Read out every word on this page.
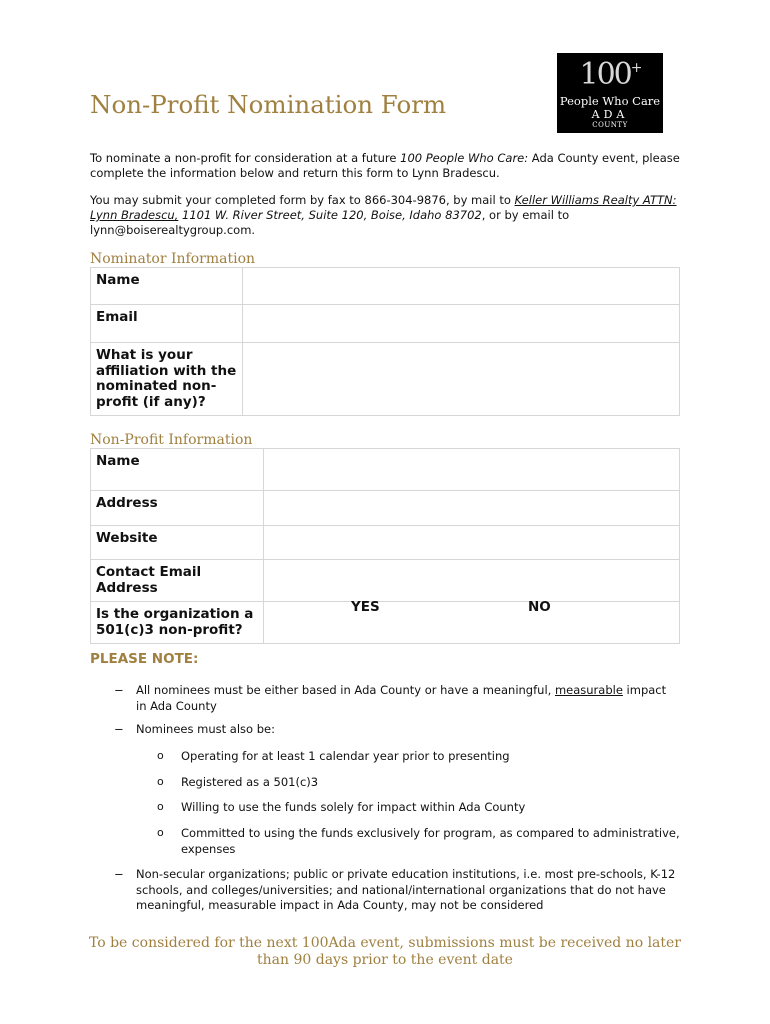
100+
People Who Care
ADA
COUNTY
Non-Profit Nomination Form

To nominate a non-profit for consideration at a future 100 People Who Care: Ada County event, please complete the information below and return this form to Lynn Bradescu.

You may submit your completed form by fax to 866-304-9876, by mail to Keller Williams Realty ATTN: Lynn Bradescu, 1101 W. River Street, Suite 120, Boise, Idaho 83702, or by email to lynn@boiserealtygroup.com.

Nominator Information
Name	
Email	
What is your affiliation with the nominated non-profit (if any)?	
Non-Profit Information
Name	
Address	
Website	
Contact Email Address	
Is the organization a 501(c)3 non-profit?	
YES	NO
PLEASE NOTE:
− All nominees must be either based in Ada County or have a meaningful, measurable impact in Ada County

− Nominees must also be:

o Operating for at least 1 calendar year prior to presenting

o Registered as a 501(c)3

o Willing to use the funds solely for impact within Ada County

o Committed to using the funds exclusively for program, as compared to administrative, expenses

− Non-secular organizations; public or private education institutions, i.e. most pre-schools, K-12 schools, and colleges/universities; and national/international organizations that do not have meaningful, measurable impact in Ada County, may not be considered

To be considered for the next 100Ada event, submissions must be received no later than 90 days prior to the event date
